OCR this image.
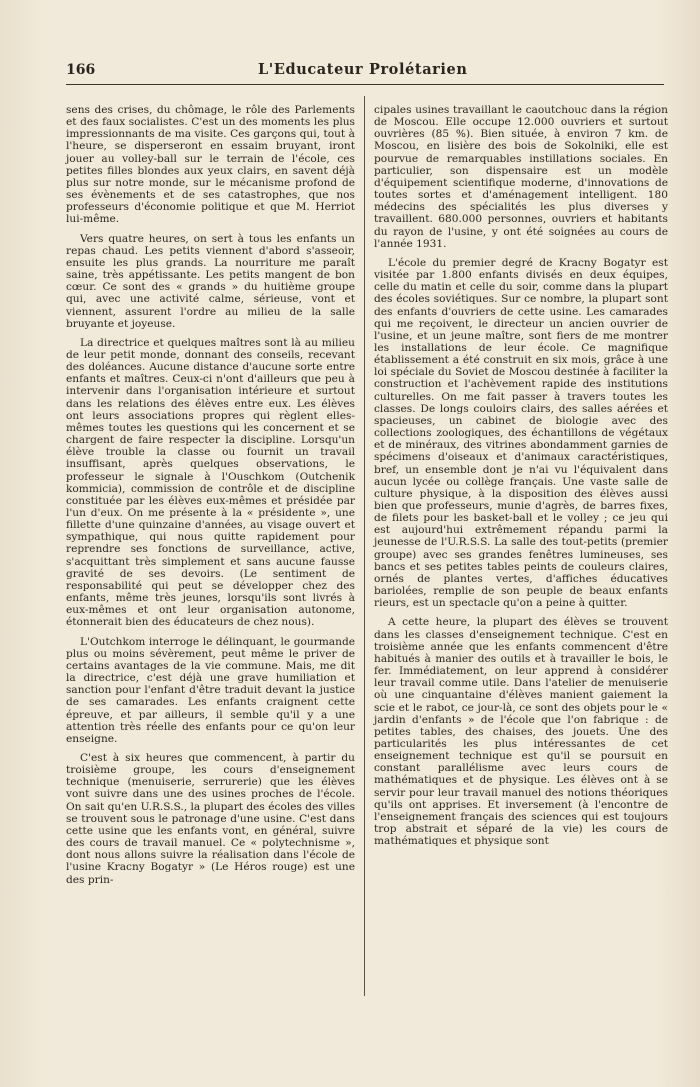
166	L'Educateur Prolétarien

sens des crises, du chômage, le rôle des Parlements et des faux socialistes. C'est un des moments les plus impressionnants de ma visite. Ces garçons qui, tout à l'heure, se disperseront en essaim bruyant, iront jouer au volley-ball sur le terrain de l'école, ces petites filles blondes aux yeux clairs, en savent déjà plus sur notre monde, sur le mécanisme profond de ses évènements et de ses catastrophes, que nos professeurs d'économie politique et que M. Herriot lui-même.

Vers quatre heures, on sert à tous les enfants un repas chaud. Les petits viennent d'abord s'asseoir, ensuite les plus grands. La nourriture me paraît saine, très appétissante. Les petits mangent de bon cœur. Ce sont des « grands » du huitième groupe qui, avec une activité calme, sérieuse, vont et viennent, assurent l'ordre au milieu de la salle bruyante et joyeuse.

La directrice et quelques maîtres sont là au milieu de leur petit monde, donnant des conseils, recevant des doléances. Aucune distance d'aucune sorte entre enfants et maîtres. Ceux-ci n'ont d'ailleurs que peu à intervenir dans l'organisation intérieure et surtout dans les relations des élèves entre eux. Les élèves ont leurs associations propres qui règlent elles-mêmes toutes les questions qui les concernent et se chargent de faire respecter la discipline. Lorsqu'un élève trouble la classe ou fournit un travail insuffisant, après quelques observations, le professeur le signale à l'Ouschkom (Outchenik kommicia), commission de contrôle et de discipline constituée par les élèves eux-mêmes et présidée par l'un d'eux. On me présente à la « présidente », une fillette d'une quinzaine d'années, au visage ouvert et sympathique, qui nous quitte rapidement pour reprendre ses fonctions de surveillance, active, s'acquittant très simplement et sans aucune fausse gravité de ses devoirs. (Le sentiment de responsabilité qui peut se développer chez des enfants, même très jeunes, lorsqu'ils sont livrés à eux-mêmes et ont leur organisation autonome, étonnerait bien des éducateurs de chez nous).

L'Outchkom interroge le délinquant, le gourmande plus ou moins sévèrement, peut même le priver de certains avantages de la vie commune. Mais, me dit la directrice, c'est déjà une grave humiliation et sanction pour l'enfant d'être traduit devant la justice de ses camarades. Les enfants craignent cette épreuve, et par ailleurs, il semble qu'il y a une attention très réelle des enfants pour ce qu'on leur enseigne.

C'est à six heures que commencent, à partir du troisième groupe, les cours d'enseignement technique (menuiserie, serrurerie) que les élèves vont suivre dans une des usines proches de l'école. On sait qu'en U.R.S.S., la plupart des écoles des villes se trouvent sous le patronage d'une usine. C'est dans cette usine que les enfants vont, en général, suivre des cours de travail manuel. Ce « polytechnisme », dont nous allons suivre la réalisation dans l'école de l'usine Kracny Bogatyr » (Le Héros rouge) est une des prin-

cipales usines travaillant le caoutchouc dans la région de Moscou. Elle occupe 12.000 ouvriers et surtout ouvrières (85 %). Bien située, à environ 7 km. de Moscou, en lisière des bois de Sokolniki, elle est pourvue de remarquables instillations sociales. En particulier, son dispensaire est un modèle d'équipement scientifique moderne, d'innovations de toutes sortes et d'aménagement intelligent. 180 médecins des spécialités les plus diverses y travaillent. 680.000 personnes, ouvriers et habitants du rayon de l'usine, y ont été soignées au cours de l'année 1931.

L'école du premier degré de Kracny Bogatyr est visitée par 1.800 enfants divisés en deux équipes, celle du matin et celle du soir, comme dans la plupart des écoles soviétiques. Sur ce nombre, la plupart sont des enfants d'ouvriers de cette usine. Les camarades qui me reçoivent, le directeur un ancien ouvrier de l'usine, et un jeune maître, sont fiers de me montrer les installations de leur école. Ce magnifique établissement a été construit en six mois, grâce à une loi spéciale du Soviet de Moscou destinée à faciliter la construction et l'achèvement rapide des institutions culturelles. On me fait passer à travers toutes les classes. De longs couloirs clairs, des salles aérées et spacieuses, un cabinet de biologie avec des collections zoologiques, des échantillons de végétaux et de minéraux, des vitrines abondamment garnies de spécimens d'oiseaux et d'animaux caractéristiques, bref, un ensemble dont je n'ai vu l'équivalent dans aucun lycée ou collège français. Une vaste salle de culture physique, à la disposition des élèves aussi bien que professeurs, munie d'agrès, de barres fixes, de filets pour les basket-ball et le volley ; ce jeu qui est aujourd'hui extrêmement répandu parmi la jeunesse de l'U.R.S.S. La salle des tout-petits (premier groupe) avec ses grandes fenêtres lumineuses, ses bancs et ses petites tables peints de couleurs claires, ornés de plantes vertes, d'affiches éducatives bariolées, remplie de son peuple de beaux enfants rieurs, est un spectacle qu'on a peine à quitter.

A cette heure, la plupart des élèves se trouvent dans les classes d'enseignement technique. C'est en troisième année que les enfants commencent d'être habitués à manier des outils et à travailler le bois, le fer. Immédiatement, on leur apprend à considérer leur travail comme utile. Dans l'atelier de menuiserie où une cinquantaine d'élèves manient gaiement la scie et le rabot, ce jour-là, ce sont des objets pour le « jardin d'enfants » de l'école que l'on fabrique : de petites tables, des chaises, des jouets. Une des particularités les plus intéressantes de cet enseignement technique est qu'il se poursuit en constant parallélisme avec leurs cours de mathématiques et de physique. Les élèves ont à se servir pour leur travail manuel des notions théoriques qu'ils ont apprises. Et inversement (à l'encontre de l'enseignement français des sciences qui est toujours trop abstrait et séparé de la vie) les cours de mathématiques et physique sont
